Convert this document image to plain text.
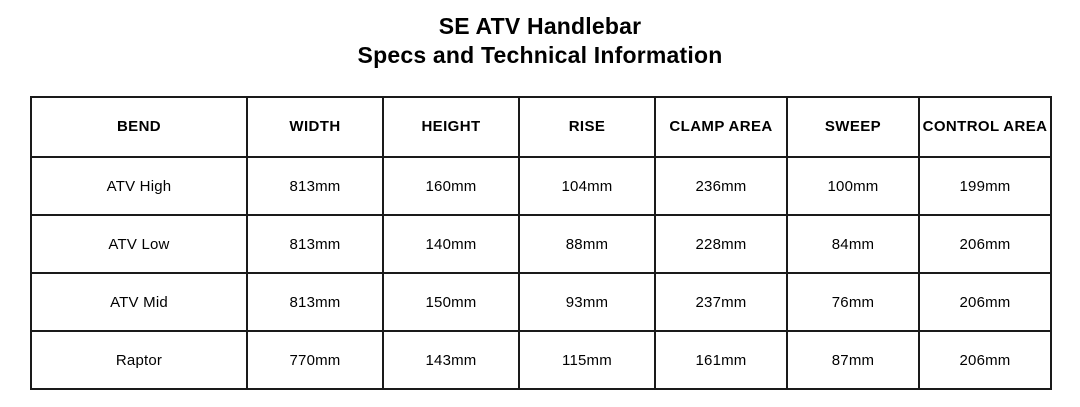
SE ATV Handlebar
Specs and Technical Information
BEND	WIDTH	HEIGHT	RISE	CLAMP AREA	SWEEP	CONTROL AREA
ATV High	813mm	160mm	104mm	236mm	100mm	199mm
ATV Low	813mm	140mm	88mm	228mm	84mm	206mm
ATV Mid	813mm	150mm	93mm	237mm	76mm	206mm
Raptor	770mm	143mm	115mm	161mm	87mm	206mm
